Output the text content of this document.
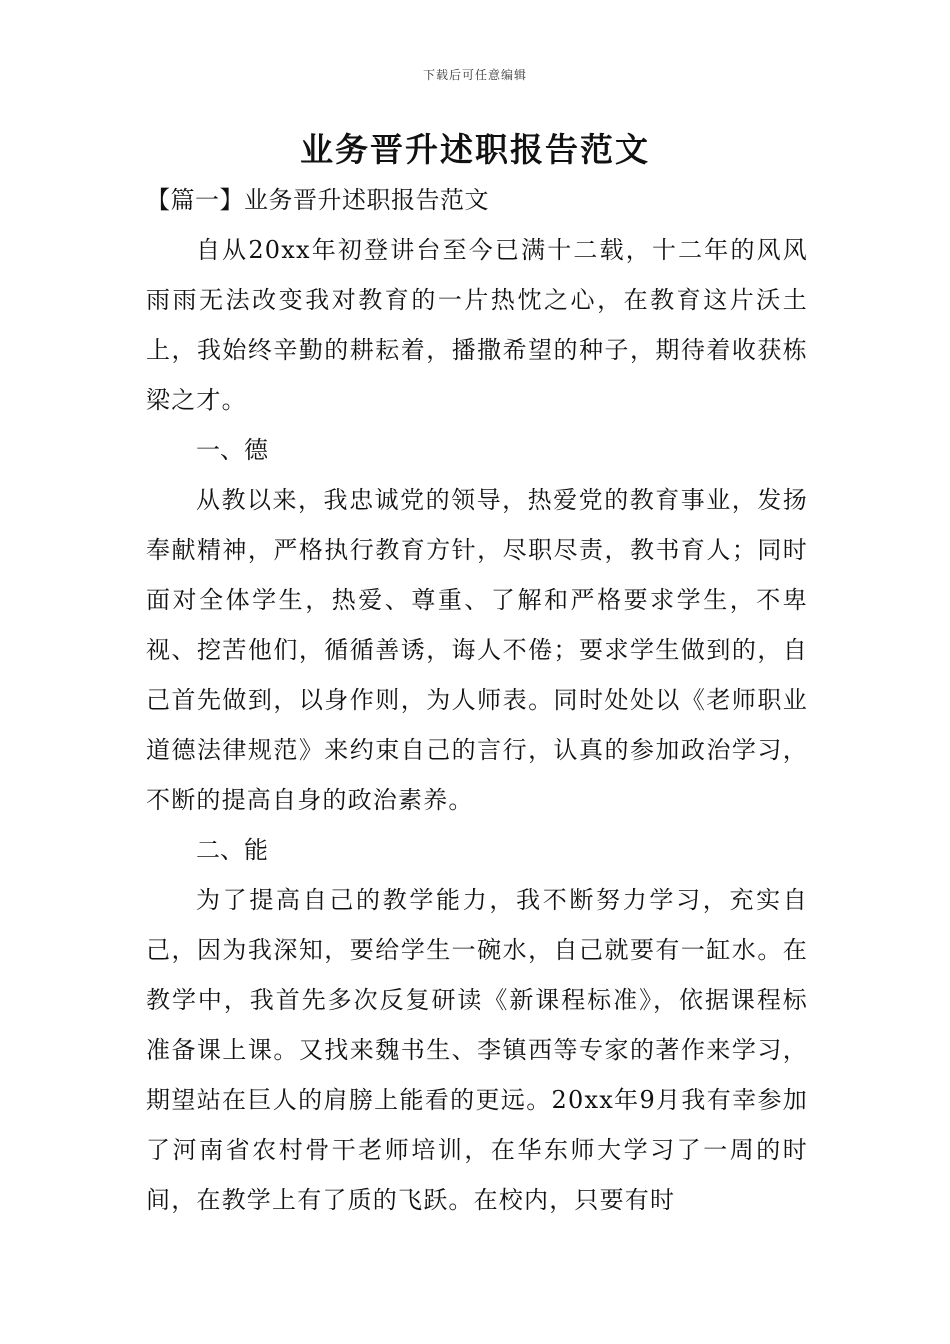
下载后可任意编辑
业务晋升述职报告范文

【篇一】业务晋升述职报告范文

自从20xx年初登讲台至今已满十二载，十二年的风风雨雨无法改变我对教育的一片热忱之心，在教育这片沃土上，我始终辛勤的耕耘着，播撒希望的种子，期待着收获栋梁之才。

一、德

从教以来，我忠诚党的领导，热爱党的教育事业，发扬奉献精神，严格执行教育方针，尽职尽责，教书育人；同时面对全体学生，热爱、尊重、了解和严格要求学生，不卑视、挖苦他们，循循善诱，诲人不倦；要求学生做到的，自己首先做到，以身作则，为人师表。同时处处以《老师职业道德法律规范》来约束自己的言行，认真的参加政治学习，不断的提高自身的政治素养。

二、能

为了提高自己的教学能力，我不断努力学习，充实自己，因为我深知，要给学生一碗水，自己就要有一缸水。在教学中，我首先多次反复研读《新课程标准》，依据课程标准备课上课。又找来魏书生、李镇西等专家的著作来学习，期望站在巨人的肩膀上能看的更远。20xx年9月我有幸参加了河南省农村骨干老师培训，在华东师大学习了一周的时间，在教学上有了质的飞跃。在校内，只要有时
